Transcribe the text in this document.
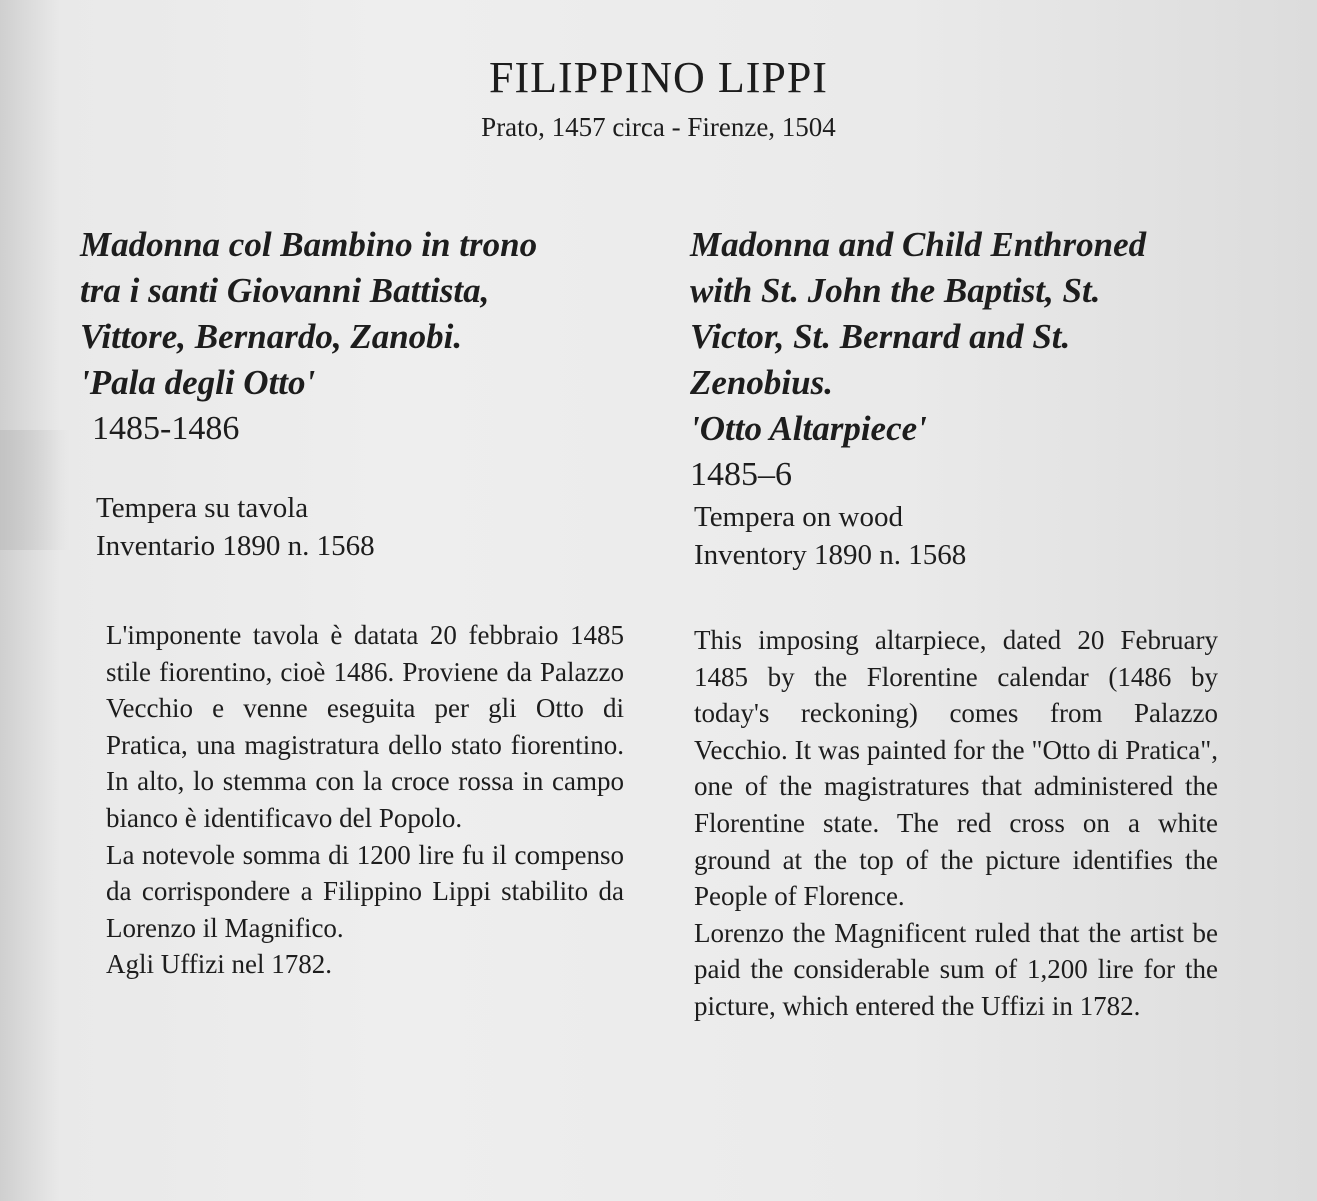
FILIPPINO LIPPI
Prato, 1457 circa - Firenze, 1504

Madonna col Bambino in trono
tra i santi Giovanni Battista,
Vittore, Bernardo, Zanobi.
'Pala degli Otto'

1485-1486

Tempera su tavola
Inventario 1890 n. 1568

L'imponente tavola è datata 20 febbraio 1485 stile fiorentino, cioè 1486. Proviene da Palazzo Vecchio e venne eseguita per gli Otto di Pratica, una magistratura dello stato fiorentino. In alto, lo stemma con la croce rossa in campo bianco è identificavo del Popolo.
La notevole somma di 1200 lire fu il compenso da corrispondere a Filippino Lippi stabilito da Lorenzo il Magnifico.
Agli Uffizi nel 1782.

Madonna and Child Enthroned
with St. John the Baptist, St.
Victor, St. Bernard and St.
Zenobius.
'Otto Altarpiece'

1485–6

Tempera on wood
Inventory 1890 n. 1568

This imposing altarpiece, dated 20 February 1485 by the Florentine calendar (1486 by today's reckoning) comes from Palazzo Vecchio. It was painted for the "Otto di Pratica", one of the magistratures that administered the Florentine state. The red cross on a white ground at the top of the picture identifies the People of Florence.
Lorenzo the Magnificent ruled that the artist be paid the considerable sum of 1,200 lire for the picture, which entered the Uffizi in 1782.
